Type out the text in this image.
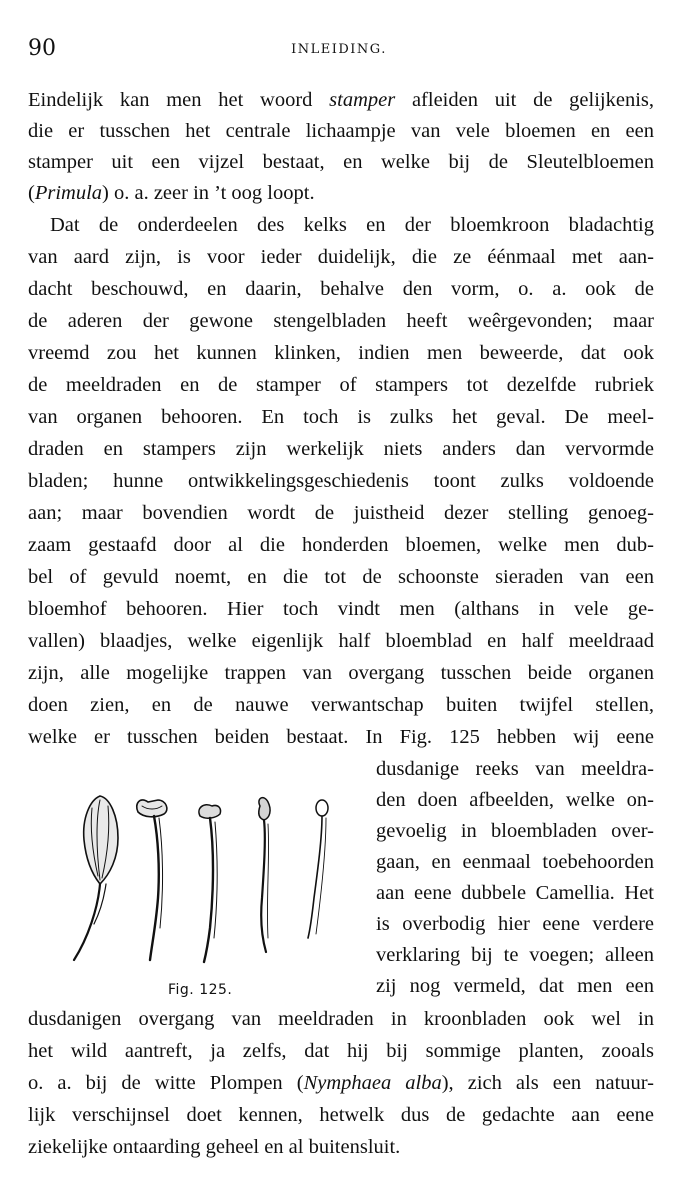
90	INLEIDING.
Eindelijk kan men het woord stamper afleiden uit de gelijkenis,
die er tusschen het centrale lichaampje van vele bloemen en een
stamper uit een vijzel bestaat, en welke bij de Sleutelbloemen
(Primula) o. a. zeer in ’t oog loopt.
Dat de onderdeelen des kelks en der bloemkroon bladachtig
van aard zijn, is voor ieder duidelijk, die ze éénmaal met aan-
dacht beschouwd, en daarin, behalve den vorm, o. a. ook de
de aderen der gewone stengelbladen heeft weêrgevonden; maar
vreemd zou het kunnen klinken, indien men beweerde, dat ook
de meeldraden en de stamper of stampers tot dezelfde rubriek
van organen behooren. En toch is zulks het geval. De meel-
draden en stampers zijn werkelijk niets anders dan vervormde
bladen; hunne ontwikkelingsgeschiedenis toont zulks voldoende
aan; maar bovendien wordt de juistheid dezer stelling genoeg-
zaam gestaafd door al die honderden bloemen, welke men dub-
bel of gevuld noemt, en die tot de schoonste sieraden van een
bloemhof behooren. Hier toch vindt men (althans in vele ge-
vallen) blaadjes, welke eigenlijk half bloemblad en half meeldraad
zijn, alle mogelijke trappen van overgang tusschen beide organen
doen zien, en de nauwe verwantschap buiten twijfel stellen,
welke er tusschen beiden bestaat. In Fig. 125 hebben wij eene
dusdanige reeks van meeldra-
den doen afbeelden, welke on-
gevoelig in bloembladen over-
gaan, en eenmaal toebehoorden
aan eene dubbele Camellia. Het
is overbodig hier eene verdere
verklaring bij te voegen; alleen
zij nog vermeld, dat men een
dusdanigen overgang van meeldraden in kroonbladen ook wel in
het wild aantreft, ja zelfs, dat hij bij sommige planten, zooals
o. a. bij de witte Plompen (Nymphaea alba), zich als een natuur-
lijk verschijnsel doet kennen, hetwelk dus de gedachte aan eene
ziekelijke ontaarding geheel en al buitensluit.
Fig. 125.
